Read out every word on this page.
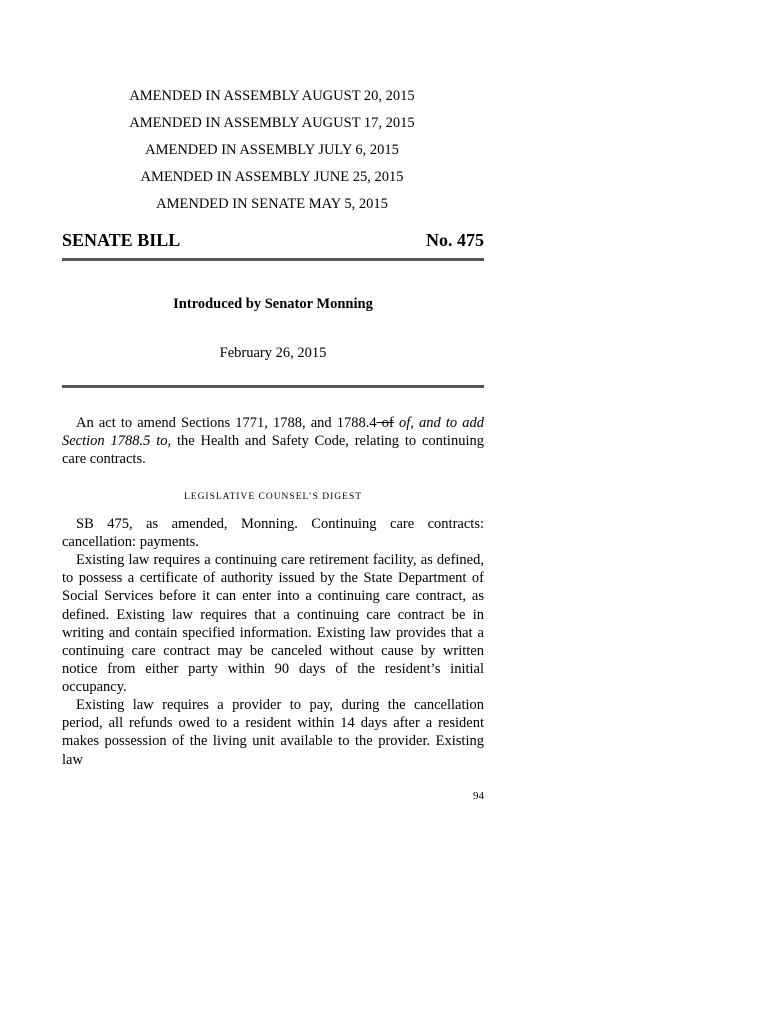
AMENDED IN ASSEMBLY AUGUST 20, 2015
AMENDED IN ASSEMBLY AUGUST 17, 2015
AMENDED IN ASSEMBLY JULY 6, 2015
AMENDED IN ASSEMBLY JUNE 25, 2015
AMENDED IN SENATE MAY 5, 2015
SENATE BILL	No. 475
Introduced by Senator Monning
February 26, 2015
An act to amend Sections 1771, 1788, and 1788.4 of of, and to add Section 1788.5 to, the Health and Safety Code, relating to continuing care contracts.
LEGISLATIVE COUNSEL’S DIGEST
SB 475, as amended, Monning. Continuing care contracts: cancellation: payments.
Existing law requires a continuing care retirement facility, as defined, to possess a certificate of authority issued by the State Department of Social Services before it can enter into a continuing care contract, as defined. Existing law requires that a continuing care contract be in writing and contain specified information. Existing law provides that a continuing care contract may be canceled without cause by written notice from either party within 90 days of the resident’s initial occupancy.
Existing law requires a provider to pay, during the cancellation period, all refunds owed to a resident within 14 days after a resident makes possession of the living unit available to the provider. Existing law
94
